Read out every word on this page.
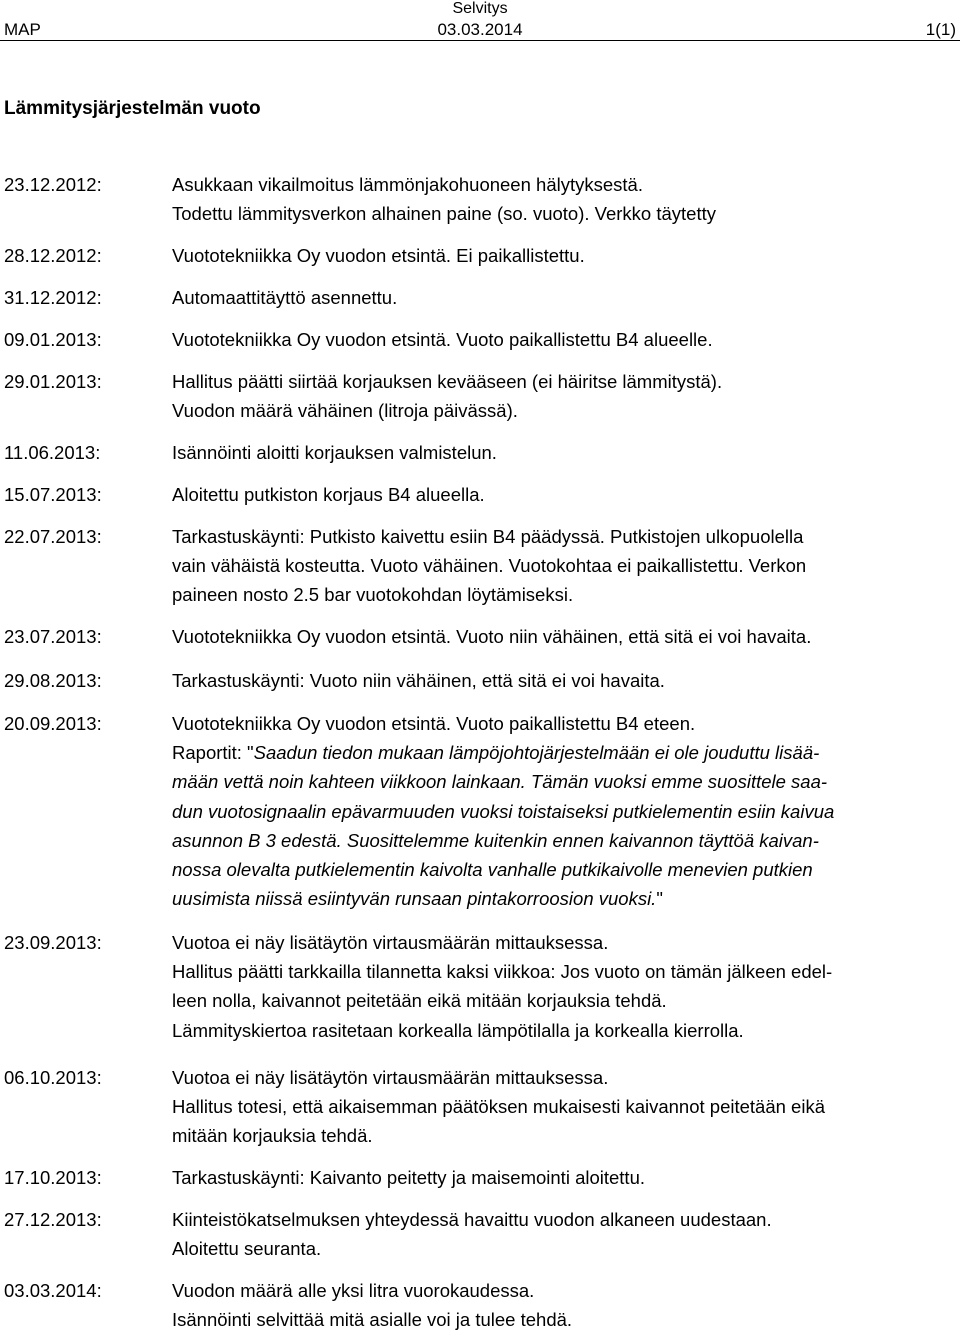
Selvitys
MAP	03.03.2014	1(1)
Lämmitysjärjestelmän vuoto
23.12.2012:	Asukkaan vikailmoitus lämmönjakohuoneen hälytyksestä.

Todettu lämmitysverkon alhainen paine (so. vuoto). Verkko täytetty

28.12.2012:	Vuototekniikka Oy vuodon etsintä. Ei paikallistettu.

31.12.2012:	Automaattitäyttö asennettu.

09.01.2013:	Vuototekniikka Oy vuodon etsintä. Vuoto paikallistettu B4 alueelle.

29.01.2013:	Hallitus päätti siirtää korjauksen kevääseen (ei häiritse lämmitystä).

Vuodon määrä vähäinen (litroja päivässä).

11.06.2013:	Isännöinti aloitti korjauksen valmistelun.

15.07.2013:	Aloitettu putkiston korjaus B4 alueella.

22.07.2013:	Tarkastuskäynti: Putkisto kaivettu esiin B4 päädyssä. Putkistojen ulkopuolella

vain vähäistä kosteutta. Vuoto vähäinen. Vuotokohtaa ei paikallistettu. Verkon

paineen nosto 2.5 bar vuotokohdan löytämiseksi.

23.07.2013:	Vuototekniikka Oy vuodon etsintä. Vuoto niin vähäinen, että sitä ei voi havaita.

29.08.2013:	Tarkastuskäynti: Vuoto niin vähäinen, että sitä ei voi havaita.

20.09.2013:	Vuototekniikka Oy vuodon etsintä. Vuoto paikallistettu B4 eteen.

Raportit: "Saadun tiedon mukaan lämpöjohtojärjestelmään ei ole jouduttu lisää-

mään vettä noin kahteen viikkoon lainkaan. Tämän vuoksi emme suosittele saa-

dun vuotosignaalin epävarmuuden vuoksi toistaiseksi putkielementin esiin kaivua

asunnon B 3 edestä. Suosittelemme kuitenkin ennen kaivannon täyttöä kaivan-

nossa olevalta putkielementin kaivolta vanhalle putkikaivolle menevien putkien

uusimista niissä esiintyvän runsaan pintakorroosion vuoksi."

23.09.2013:	Vuotoa ei näy lisätäytön virtausmäärän mittauksessa.

Hallitus päätti tarkkailla tilannetta kaksi viikkoa: Jos vuoto on tämän jälkeen edel-

leen nolla, kaivannot peitetään eikä mitään korjauksia tehdä.

Lämmityskiertoa rasitetaan korkealla lämpötilalla ja korkealla kierrolla.

06.10.2013:	Vuotoa ei näy lisätäytön virtausmäärän mittauksessa.

Hallitus totesi, että aikaisemman päätöksen mukaisesti kaivannot peitetään eikä

mitään korjauksia tehdä.

17.10.2013:	Tarkastuskäynti: Kaivanto peitetty ja maisemointi aloitettu.

27.12.2013:	Kiinteistökatselmuksen yhteydessä havaittu vuodon alkaneen uudestaan.

Aloitettu seuranta.

03.03.2014:	Vuodon määrä alle yksi litra vuorokaudessa.

Isännöinti selvittää mitä asialle voi ja tulee tehdä.
